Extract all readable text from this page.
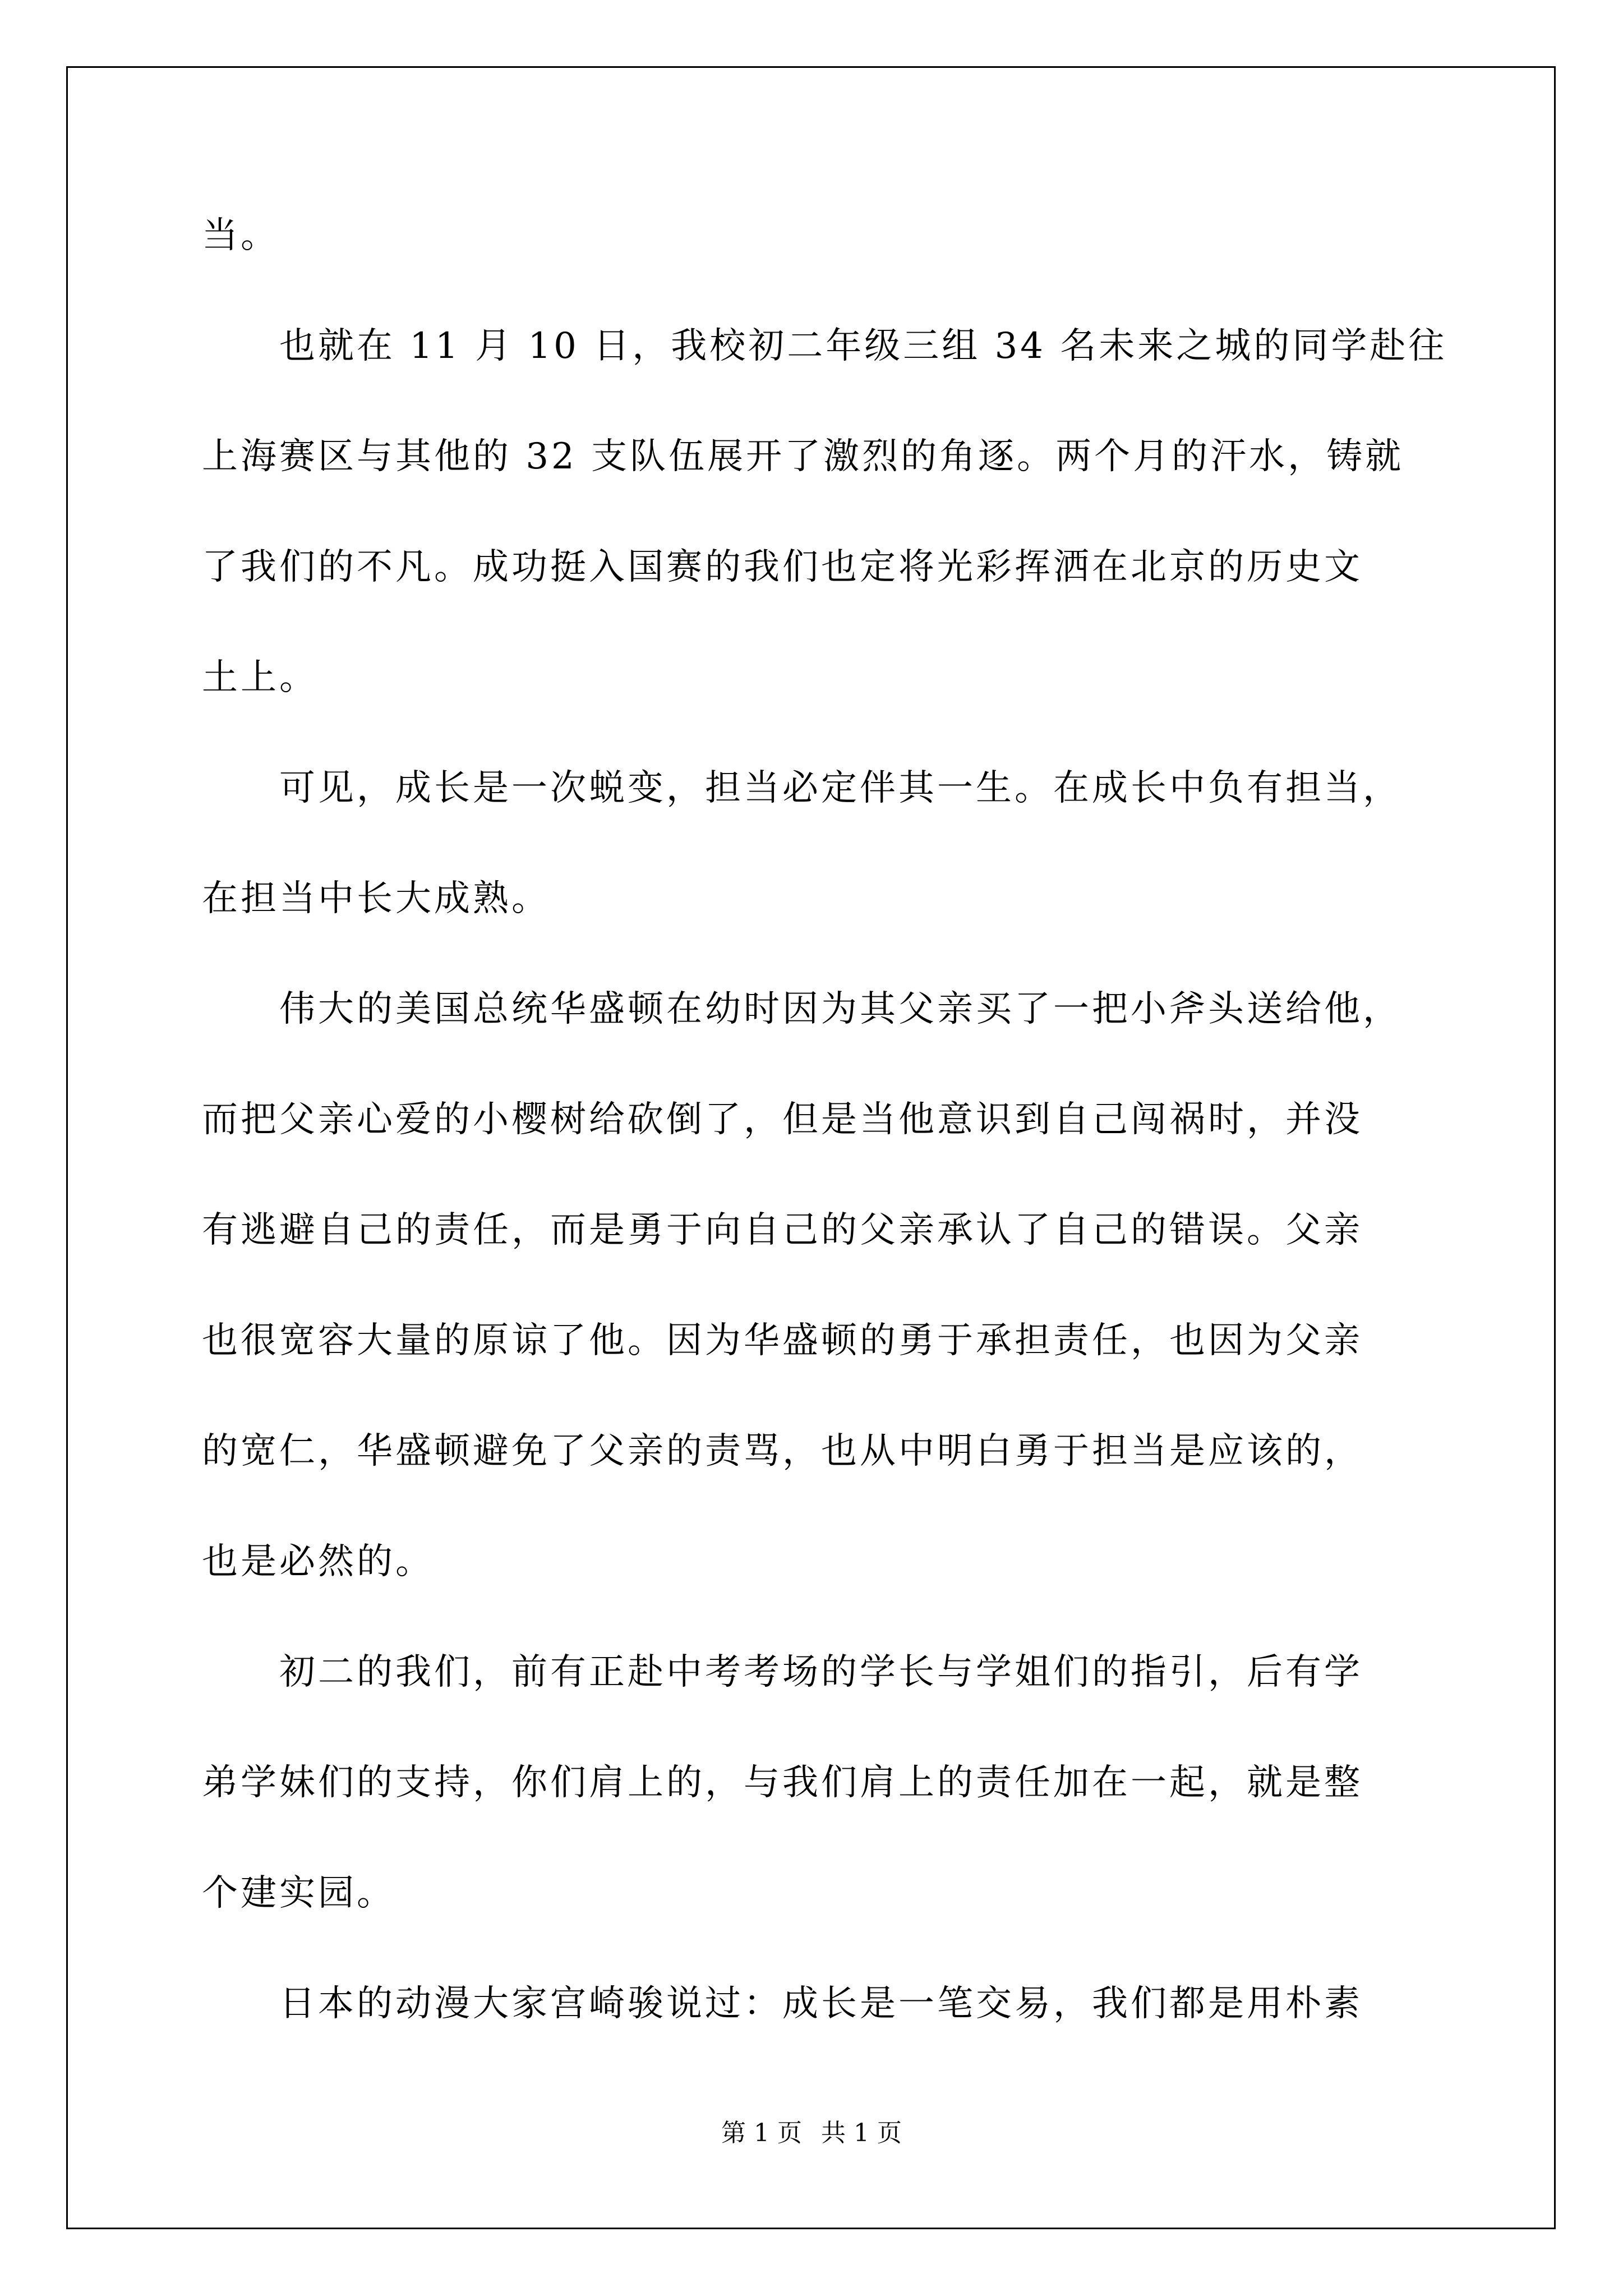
当。
　　也就在 11 月 10 日，我校初二年级三组 34 名未来之城的同学赴往
上海赛区与其他的 32 支队伍展开了激烈的角逐。两个月的汗水，铸就
了我们的不凡。成功挺入国赛的我们也定将光彩挥洒在北京的历史文
土上。
　　可见，成长是一次蜕变，担当必定伴其一生。在成长中负有担当，
在担当中长大成熟。
　　伟大的美国总统华盛顿在幼时因为其父亲买了一把小斧头送给他，
而把父亲心爱的小樱树给砍倒了，但是当他意识到自己闯祸时，并没
有逃避自己的责任，而是勇于向自己的父亲承认了自己的错误。父亲
也很宽容大量的原谅了他。因为华盛顿的勇于承担责任，也因为父亲
的宽仁，华盛顿避免了父亲的责骂，也从中明白勇于担当是应该的，
也是必然的。
　　初二的我们，前有正赴中考考场的学长与学姐们的指引，后有学
弟学妹们的支持，你们肩上的，与我们肩上的责任加在一起，就是整
个建实园。
　　日本的动漫大家宫崎骏说过：成长是一笔交易，我们都是用朴素
第 1 页 共 1 页
